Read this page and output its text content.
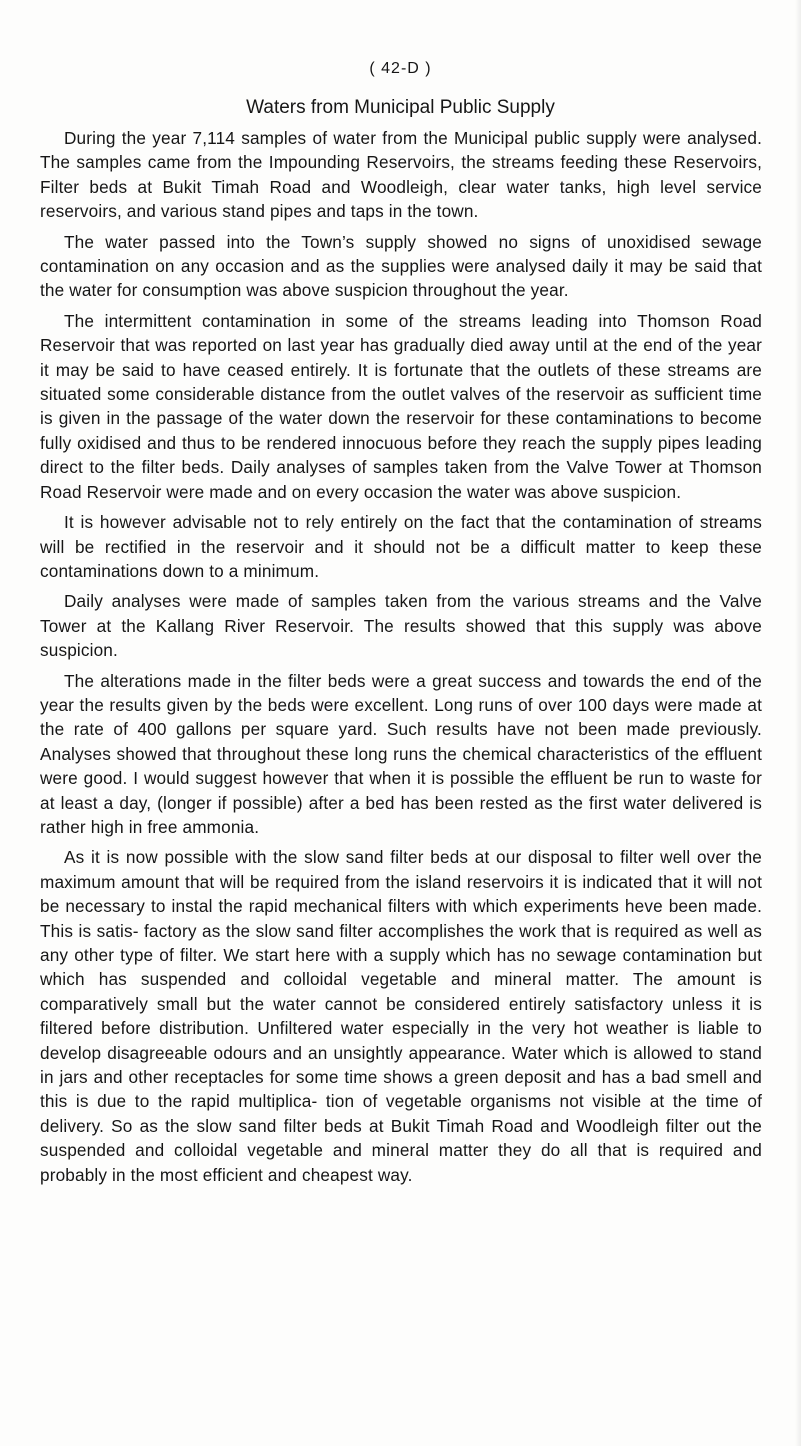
( 42-D )
Waters from Municipal Public Supply

During the year 7,114 samples of water from the Municipal public supply were analysed. The samples came from the Impounding Reservoirs, the streams feeding these Reservoirs, Filter beds at Bukit Timah Road and Woodleigh, clear water tanks, high level service reservoirs, and various stand pipes and taps in the town.

The water passed into the Town’s supply showed no signs of unoxidised sewage contamination on any occasion and as the supplies were analysed daily it may be said that the water for consumption was above suspicion throughout the year.

The intermittent contamination in some of the streams leading into Thomson Road Reservoir that was reported on last year has gradually died away until at the end of the year it may be said to have ceased entirely. It is fortunate that the outlets of these streams are situated some considerable distance from the outlet valves of the reservoir as sufficient time is given in the passage of the water down the reservoir for these contaminations to become fully oxidised and thus to be rendered innocuous before they reach the supply pipes leading direct to the filter beds. Daily analyses of samples taken from the Valve Tower at Thomson Road Reservoir were made and on every occasion the water was above suspicion.

It is however advisable not to rely entirely on the fact that the contamination of streams will be rectified in the reservoir and it should not be a difficult matter to keep these contaminations down to a minimum.

Daily analyses were made of samples taken from the various streams and the Valve Tower at the Kallang River Reservoir. The results showed that this supply was above suspicion.

The alterations made in the filter beds were a great success and towards the end of the year the results given by the beds were excellent. Long runs of over 100 days were made at the rate of 400 gallons per square yard. Such results have not been made previously. Analyses showed that throughout these long runs the chemical characteristics of the effluent were good. I would suggest however that when it is possible the effluent be run to waste for at least a day, (longer if possible) after a bed has been rested as the first water delivered is rather high in free ammonia.

As it is now possible with the slow sand filter beds at our disposal to filter well over the maximum amount that will be required from the island reservoirs it is indicated that it will not be necessary to instal the rapid mechanical filters with which experiments heve been made. This is satis- factory as the slow sand filter accomplishes the work that is required as well as any other type of filter. We start here with a supply which has no sewage contamination but which has suspended and colloidal vegetable and mineral matter. The amount is comparatively small but the water cannot be considered entirely satisfactory unless it is filtered before distribution. Unfiltered water especially in the very hot weather is liable to develop disagreeable odours and an unsightly appearance. Water which is allowed to stand in jars and other receptacles for some time shows a green deposit and has a bad smell and this is due to the rapid multiplica- tion of vegetable organisms not visible at the time of delivery. So as the slow sand filter beds at Bukit Timah Road and Woodleigh filter out the suspended and colloidal vegetable and mineral matter they do all that is required and probably in the most efficient and cheapest way.
